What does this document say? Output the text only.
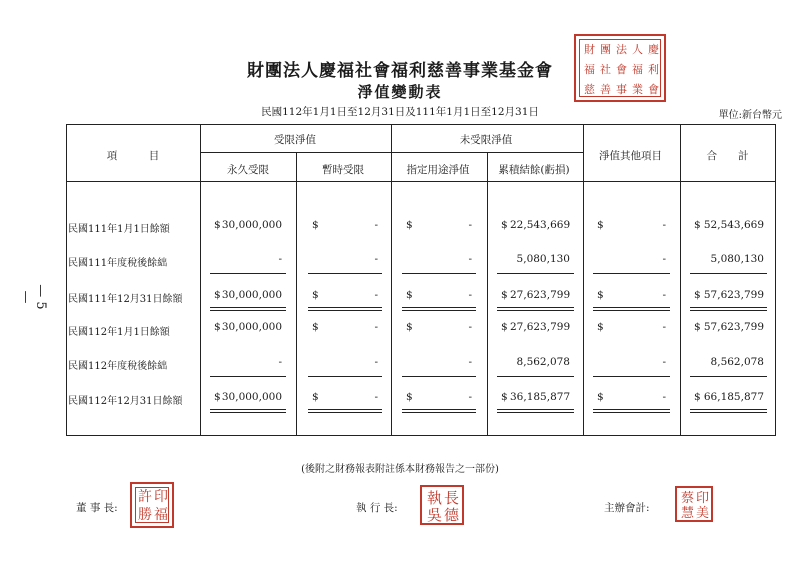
財團法人慶福社會福利慈善事業基金會
淨值變動表
民國112年1月1日至12月31日及111年1月1日至12月31日	單位:新台幣元
— 5 —
財 團 法 人 慶
福 社 會 福 利
慈 善 事 業 會
項　　　目
受限淨值
永久受限	暫時受限
未受限淨值
指定用途淨值	累積結餘(虧損)
淨值其他項目	合　　計
民國111年1月1日餘額	$ 30,000,000	$	-	$	-	$ 22,543,669	$	-	$ 52,543,669
民國111年度稅後餘絀	-	-	-	5,080,130	-	5,080,130
民國111年12月31日餘額	$ 30,000,000	$	-	$	-	$ 27,623,799	$	-	$ 57,623,799
民國112年1月1日餘額	$ 30,000,000	$	-	$	-	$ 27,623,799	$	-	$ 57,623,799
民國112年度稅後餘絀	-	-	-	8,562,078	-	8,562,078
民國112年12月31日餘額	$ 30,000,000	$	-	$	-	$ 36,185,877	$	-	$ 66,185,877
(後附之財務報表附註係本財務報告之一部份)
董 事 長:	執 行 長:	主辦會計:
許 印
勝 福
執 長
吳 德
蔡 印
慧 美
